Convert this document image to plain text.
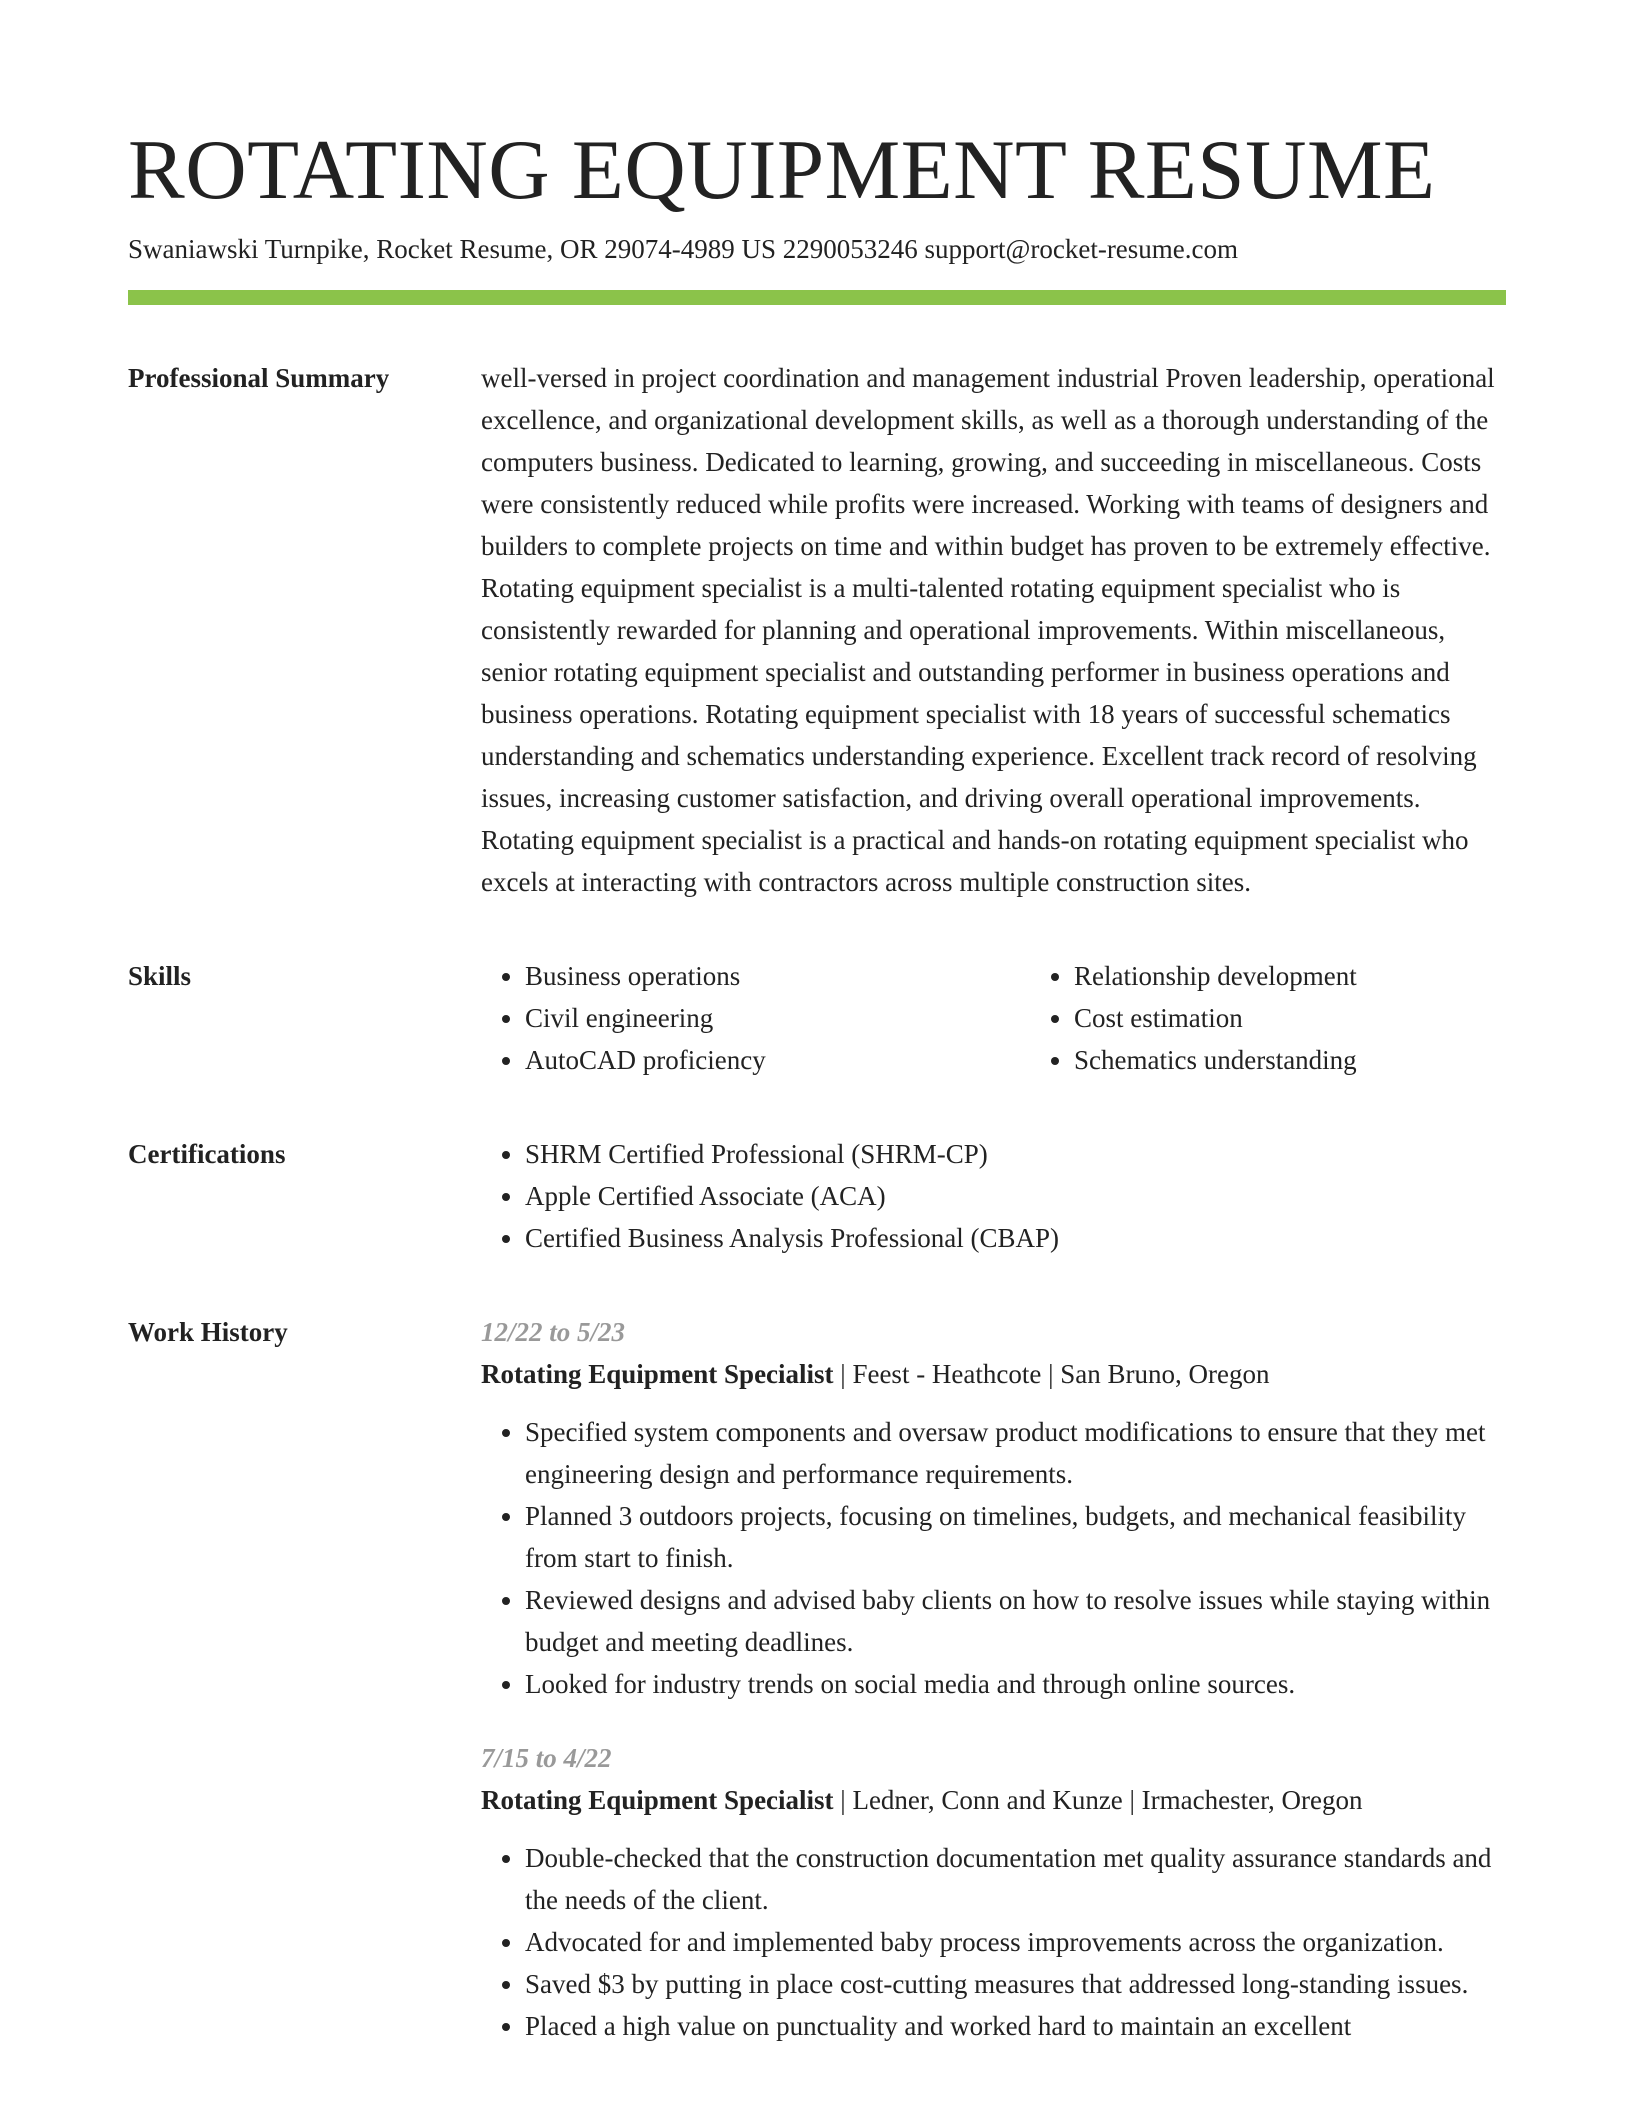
ROTATING EQUIPMENT RESUME
Swaniawski Turnpike, Rocket Resume, OR 29074-4989 US 2290053246 support@rocket-resume.com
Professional Summary	well-versed in project coordination and management industrial Proven leadership, operational excellence, and organizational development skills, as well as a thorough understanding of the computers business. Dedicated to learning, growing, and succeeding in miscellaneous. Costs were consistently reduced while profits were increased. Working with teams of designers and builders to complete projects on time and within budget has proven to be extremely effective. Rotating equipment specialist is a multi-talented rotating equipment specialist who is consistently rewarded for planning and operational improvements. Within miscellaneous, senior rotating equipment specialist and outstanding performer in business operations and business operations. Rotating equipment specialist with 18 years of successful schematics understanding and schematics understanding experience. Excellent track record of resolving issues, increasing customer satisfaction, and driving overall operational improvements. Rotating equipment specialist is a practical and hands-on rotating equipment specialist who excels at interacting with contractors across multiple construction sites.

Skills	• Business operations
• Civil engineering
• AutoCAD proficiency
• Relationship development
• Cost estimation
• Schematics understanding
Certifications	• SHRM Certified Professional (SHRM-CP)
• Apple Certified Associate (ACA)
• Certified Business Analysis Professional (CBAP)
Work History	12/22 to 5/23
Rotating Equipment Specialist | Feest - Heathcote | San Bruno, Oregon
• Specified system components and oversaw product modifications to ensure that they met engineering design and performance requirements.
• Planned 3 outdoors projects, focusing on timelines, budgets, and mechanical feasibility from start to finish.
• Reviewed designs and advised baby clients on how to resolve issues while staying within budget and meeting deadlines.
• Looked for industry trends on social media and through online sources.
7/15 to 4/22
Rotating Equipment Specialist | Ledner, Conn and Kunze | Irmachester, Oregon
• Double-checked that the construction documentation met quality assurance standards and the needs of the client.
• Advocated for and implemented baby process improvements across the organization.
• Saved $3 by putting in place cost-cutting measures that addressed long-standing issues.
• Placed a high value on punctuality and worked hard to maintain an excellent
